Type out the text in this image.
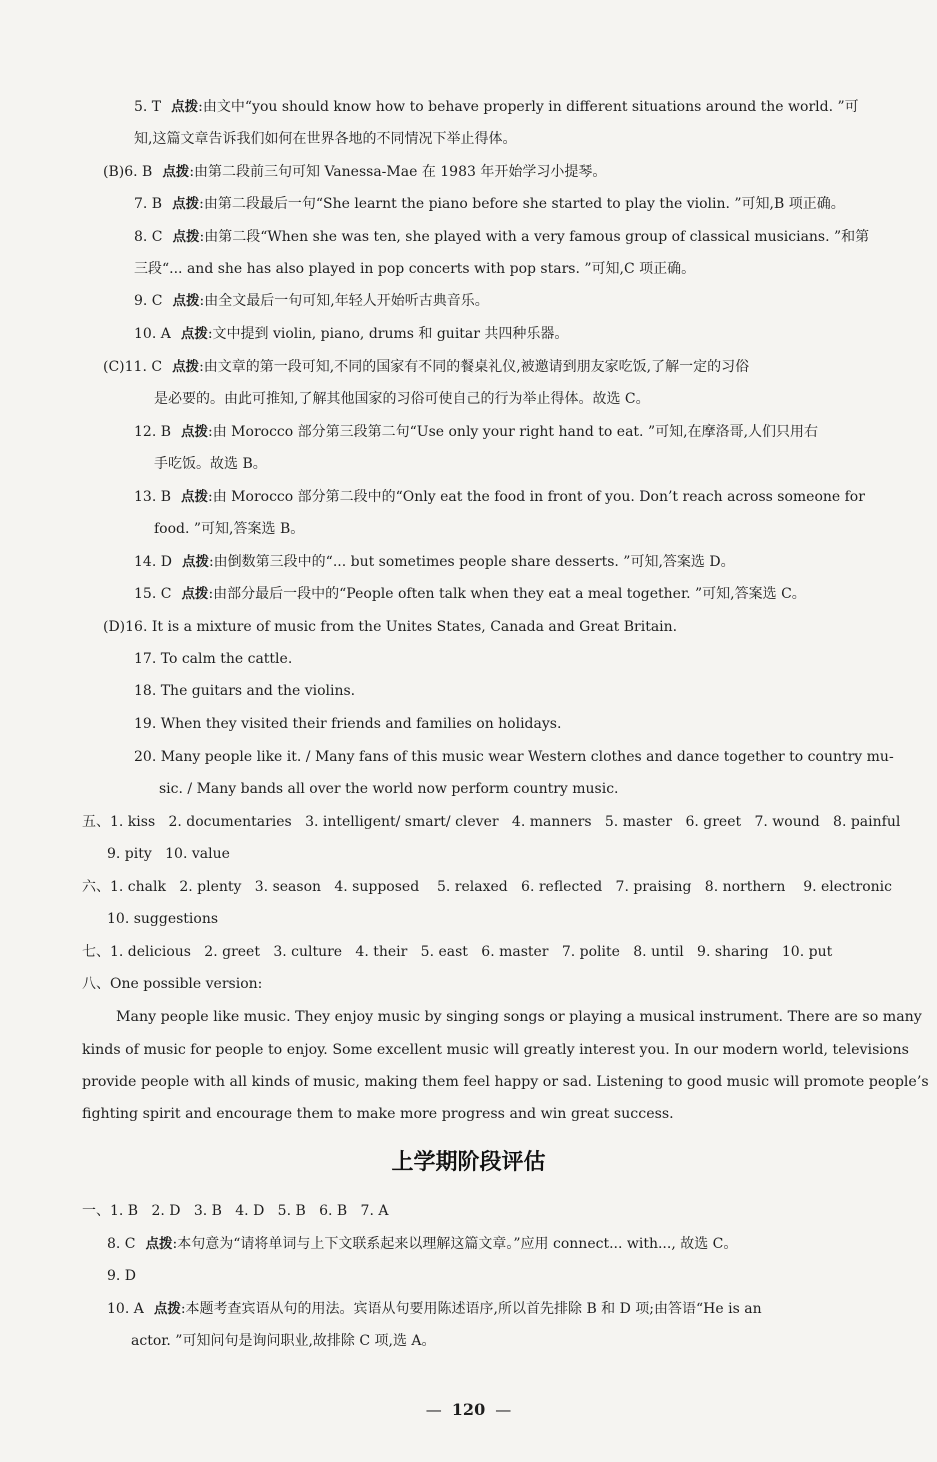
5. T 点拨:由文中“you should know how to behave properly in different situations around the world. ”可
知,这篇文章告诉我们如何在世界各地的不同情况下举止得体。
(B)6. B 点拨:由第二段前三句可知 Vanessa-Mae 在 1983 年开始学习小提琴。
7. B 点拨:由第二段最后一句“She learnt the piano before she started to play the violin. ”可知,B 项正确。
8. C 点拨:由第二段“When she was ten, she played with a very famous group of classical musicians. ”和第
三段“... and she has also played in pop concerts with pop stars. ”可知,C 项正确。
9. C 点拨:由全文最后一句可知,年轻人开始听古典音乐。
10. A 点拨:文中提到 violin, piano, drums 和 guitar 共四种乐器。
(C)11. C 点拨:由文章的第一段可知,不同的国家有不同的餐桌礼仪,被邀请到朋友家吃饭,了解一定的习俗
是必要的。由此可推知,了解其他国家的习俗可使自己的行为举止得体。故选 C。
12. B 点拨:由 Morocco 部分第三段第二句“Use only your right hand to eat. ”可知,在摩洛哥,人们只用右
手吃饭。故选 B。
13. B 点拨:由 Morocco 部分第二段中的“Only eat the food in front of you. Don’t reach across someone for
food. ”可知,答案选 B。
14. D 点拨:由倒数第三段中的“... but sometimes people share desserts. ”可知,答案选 D。
15. C 点拨:由部分最后一段中的“People often talk when they eat a meal together. ”可知,答案选 C。
(D)16. It is a mixture of music from the Unites States, Canada and Great Britain.
17. To calm the cattle.
18. The guitars and the violins.
19. When they visited their friends and families on holidays.
20. Many people like it. / Many fans of this music wear Western clothes and dance together to country mu-
sic. / Many bands all over the world now perform country music.
五、1. kiss   2. documentaries   3. intelligent/ smart/ clever   4. manners   5. master   6. greet   7. wound   8. painful
9. pity   10. value
六、1. chalk   2. plenty   3. season   4. supposed    5. relaxed   6. reflected   7. praising   8. northern    9. electronic
10. suggestions
七、1. delicious   2. greet   3. culture   4. their   5. east   6. master   7. polite   8. until   9. sharing   10. put
八、One possible version:
Many people like music. They enjoy music by singing songs or playing a musical instrument. There are so many
kinds of music for people to enjoy. Some excellent music will greatly interest you. In our modern world, televisions
provide people with all kinds of music, making them feel happy or sad. Listening to good music will promote people’s
fighting spirit and encourage them to make more progress and win great success.
上学期阶段评估
一、1. B   2. D   3. B   4. D   5. B   6. B   7. A
8. C 点拨:本句意为“请将单词与上下文联系起来以理解这篇文章。”应用 connect... with..., 故选 C。
9. D
10. A 点拨:本题考查宾语从句的用法。宾语从句要用陈述语序,所以首先排除 B 和 D 项;由答语“He is an
actor. ”可知问句是询问职业,故排除 C 项,选 A。
— 120 —
